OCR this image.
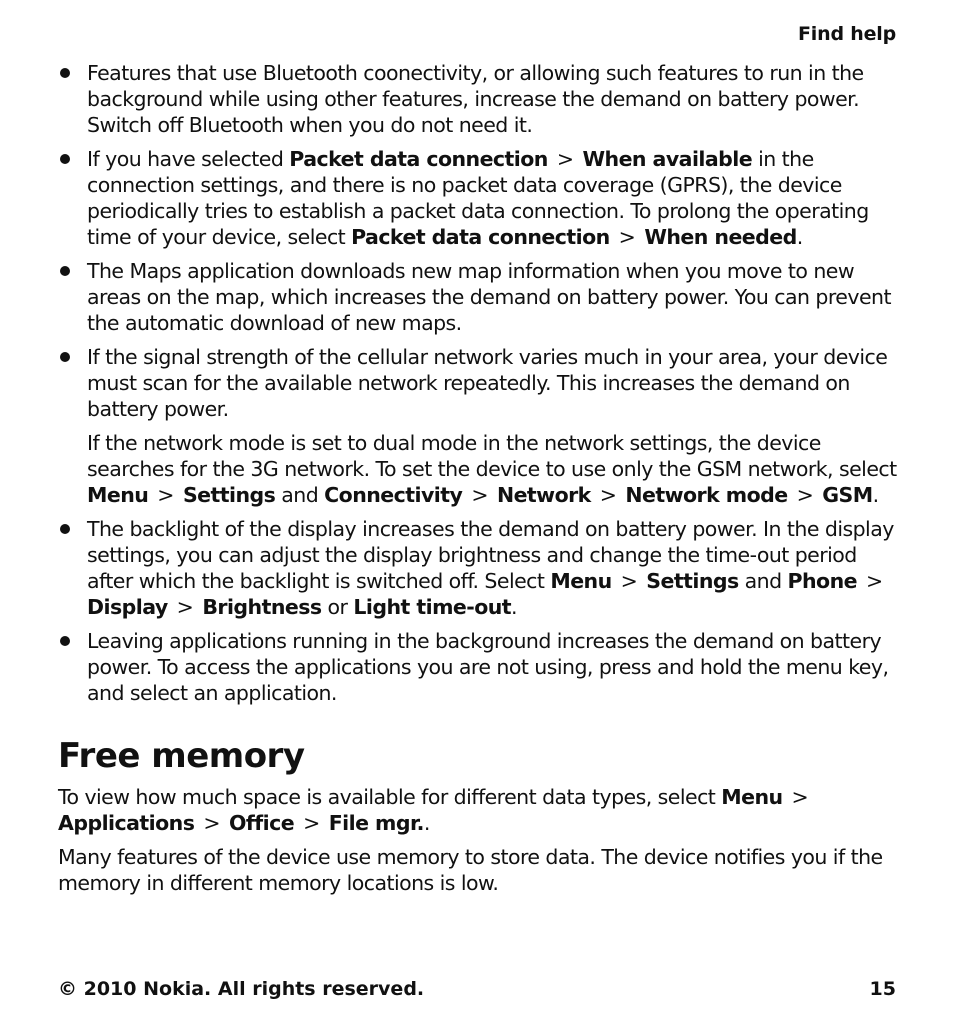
Find help
Features that use Bluetooth coonectivity, or allowing such features to run in the background while using other features, increase the demand on battery power. Switch off Bluetooth when you do not need it.
If you have selected Packet data connection > When available in the connection settings, and there is no packet data coverage (GPRS), the device periodically tries to establish a packet data connection. To prolong the operating time of your device, select Packet data connection > When needed.
The Maps application downloads new map information when you move to new areas on the map, which increases the demand on battery power. You can prevent the automatic download of new maps.
If the signal strength of the cellular network varies much in your area, your device must scan for the available network repeatedly. This increases the demand on battery power.
If the network mode is set to dual mode in the network settings, the device searches for the 3G network. To set the device to use only the GSM network, select Menu > Settings and Connectivity > Network > Network mode > GSM.
The backlight of the display increases the demand on battery power. In the display settings, you can adjust the display brightness and change the time-out period after which the backlight is switched off. Select Menu > Settings and Phone >Display > Brightness or Light time-out.
Leaving applications running in the background increases the demand on battery power. To access the applications you are not using, press and hold the menu key, and select an application.
Free memory

To view how much space is available for different data types, select Menu >Applications > Office > File mgr..

Many features of the device use memory to store data. The device notifies you if the memory in different memory locations is low.

© 2010 Nokia. All rights reserved.	15
